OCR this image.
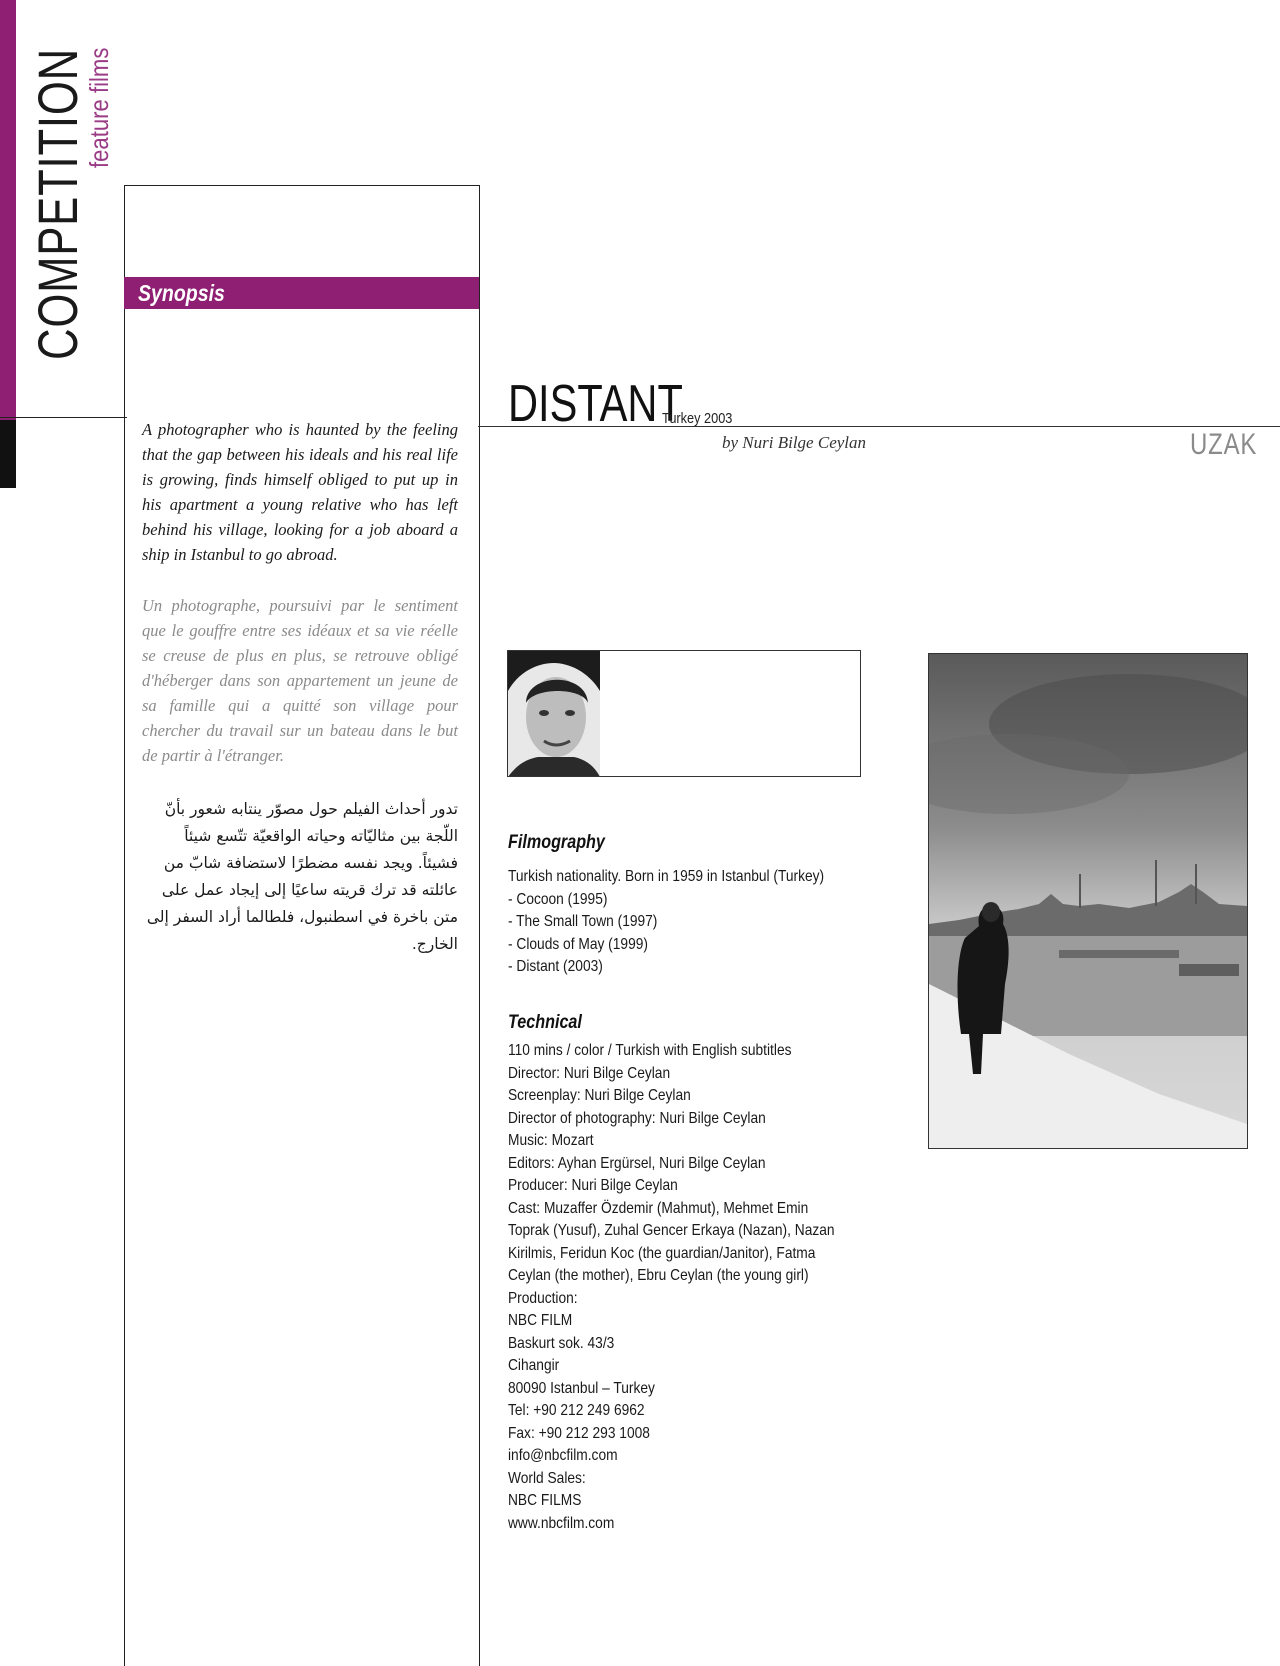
COMPETITION
feature films
Synopsis
A photographer who is haunted by the feeling that the gap between his ideals and his real life is growing, finds himself obliged to put up in his apartment a young relative who has left behind his village, looking for a job aboard a ship in Istanbul to go abroad.
Un photographe, poursuivi par le sentiment que le gouffre entre ses idéaux et sa vie réelle se creuse de plus en plus, se retrouve obligé d'héberger dans son appartement un jeune de sa famille qui a quitté son village pour chercher du travail sur un bateau dans le but de partir à l'étranger.
تدور أحداث الفيلم حول مصوّر ينتابه شعور بأنّ اللّجة بين مثاليّاته وحياته الواقعيّة تتّسع شيئاً فشيئاً. ويجد نفسه مضطرًا لاستضافة شابّ من عائلته قد ترك قريته ساعيًا إلى إيجاد عمل على متن باخرة في اسطنبول، فلطالما أراد السفر إلى الخارج.
DISTANT
Turkey 2003
by Nuri Bilge Ceylan	UZAK
Filmography
Turkish nationality. Born in 1959 in Istanbul (Turkey)
- Cocoon (1995)
- The Small Town (1997)
- Clouds of May (1999)
- Distant (2003)
Technical
110 mins / color / Turkish with English subtitles
Director: Nuri Bilge Ceylan
Screenplay: Nuri Bilge Ceylan
Director of photography: Nuri Bilge Ceylan
Music: Mozart
Editors: Ayhan Ergürsel, Nuri Bilge Ceylan
Producer: Nuri Bilge Ceylan
Cast: Muzaffer Özdemir (Mahmut), Mehmet Emin
Toprak (Yusuf), Zuhal Gencer Erkaya (Nazan), Nazan
Kirilmis, Feridun Koc (the guardian/Janitor), Fatma
Ceylan (the mother), Ebru Ceylan (the young girl)
Production:
NBC FILM
Baskurt sok. 43/3
Cihangir
80090 Istanbul – Turkey
Tel: +90 212 249 6962
Fax: +90 212 293 1008
info@nbcfilm.com
World Sales:
NBC FILMS
www.nbcfilm.com
